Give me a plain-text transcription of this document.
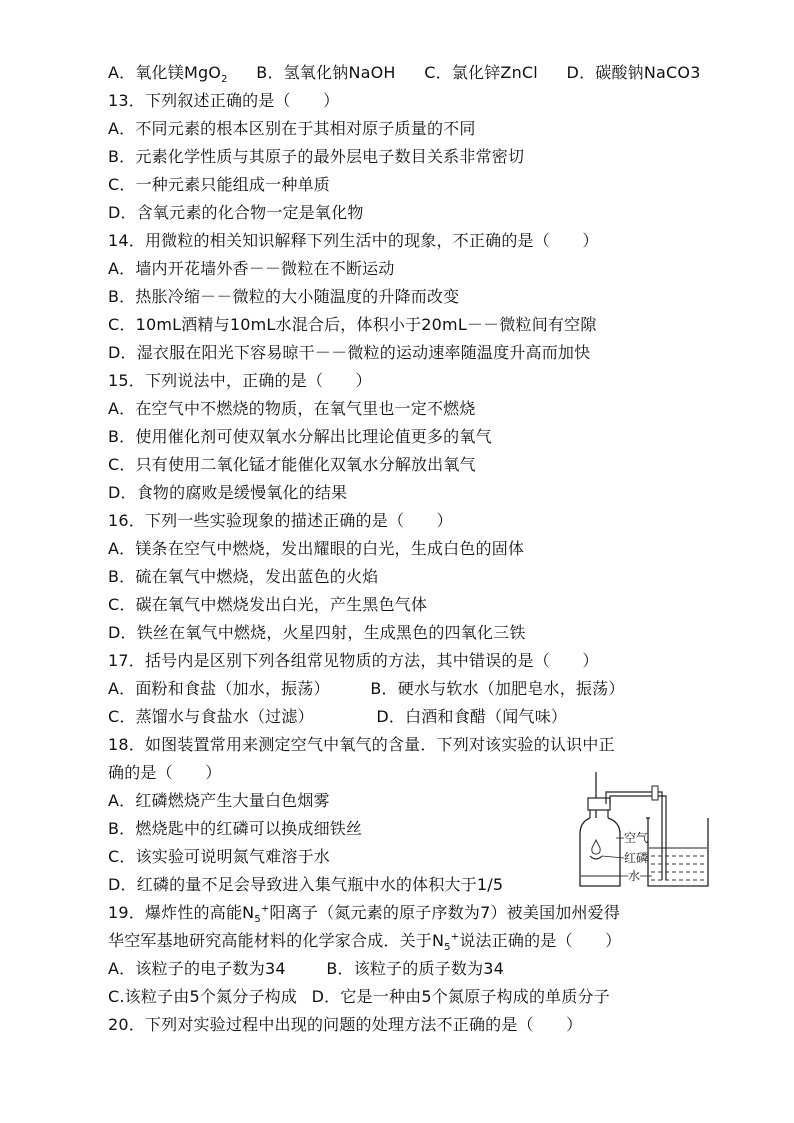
A．氧化镁MgO$_2$ B．氢氧化钠NaOH C．氯化锌ZnCl D．碳酸钠NaCO3
13．下列叙述正确的是（　　）
A．不同元素的根本区别在于其相对原子质量的不同
B．元素化学性质与其原子的最外层电子数目关系非常密切
C．一种元素只能组成一种单质
D．含氧元素的化合物一定是氧化物
14．用微粒的相关知识解释下列生活中的现象，不正确的是（　　）
A．墙内开花墙外香－－微粒在不断运动
B．热胀冷缩－－微粒的大小随温度的升降而改变
C．10mL酒精与10mL水混合后，体积小于20mL－－微粒间有空隙
D．湿衣服在阳光下容易晾干－－微粒的运动速率随温度升高而加快
15．下列说法中，正确的是（　　）
A．在空气中不燃烧的物质，在氧气里也一定不燃烧
B．使用催化剂可使双氧水分解出比理论值更多的氧气
C．只有使用二氧化锰才能催化双氧水分解放出氧气
D．食物的腐败是缓慢氧化的结果
16．下列一些实验现象的描述正确的是（　　）
A．镁条在空气中燃烧，发出耀眼的白光，生成白色的固体
B．硫在氧气中燃烧，发出蓝色的火焰
C．碳在氧气中燃烧发出白光，产生黑色气体
D．铁丝在氧气中燃烧，火星四射，生成黑色的四氧化三铁
17．括号内是区别下列各组常见物质的方法，其中错误的是（　　）
A．面粉和食盐（加水，振荡）	B．硬水与软水（加肥皂水，振荡）
C．蒸馏水与食盐水（过滤）	D．白酒和食醋（闻气味）
18．如图装置常用来测定空气中氧气的含量．下列对该实验的认识中正
确的是（　　）
A．红磷燃烧产生大量白色烟雾
B．燃烧匙中的红磷可以换成细铁丝
C．该实验可说明氮气难溶于水
D．红磷的量不足会导致进入集气瓶中水的体积大于1/5
空气
红磷
水
19．爆炸性的高能$N_5^+$阳离子（氮元素的原子序数为7）被美国加州爱得
华空军基地研究高能材料的化学家合成．关于$N_5^+$说法正确的是（　　）
A．该粒子的电子数为34	B．该粒子的质子数为34
C.该粒子由5个氮分子构成 D．它是一种由5个氮原子构成的单质分子
20．下列对实验过程中出现的问题的处理方法不正确的是（　　）
